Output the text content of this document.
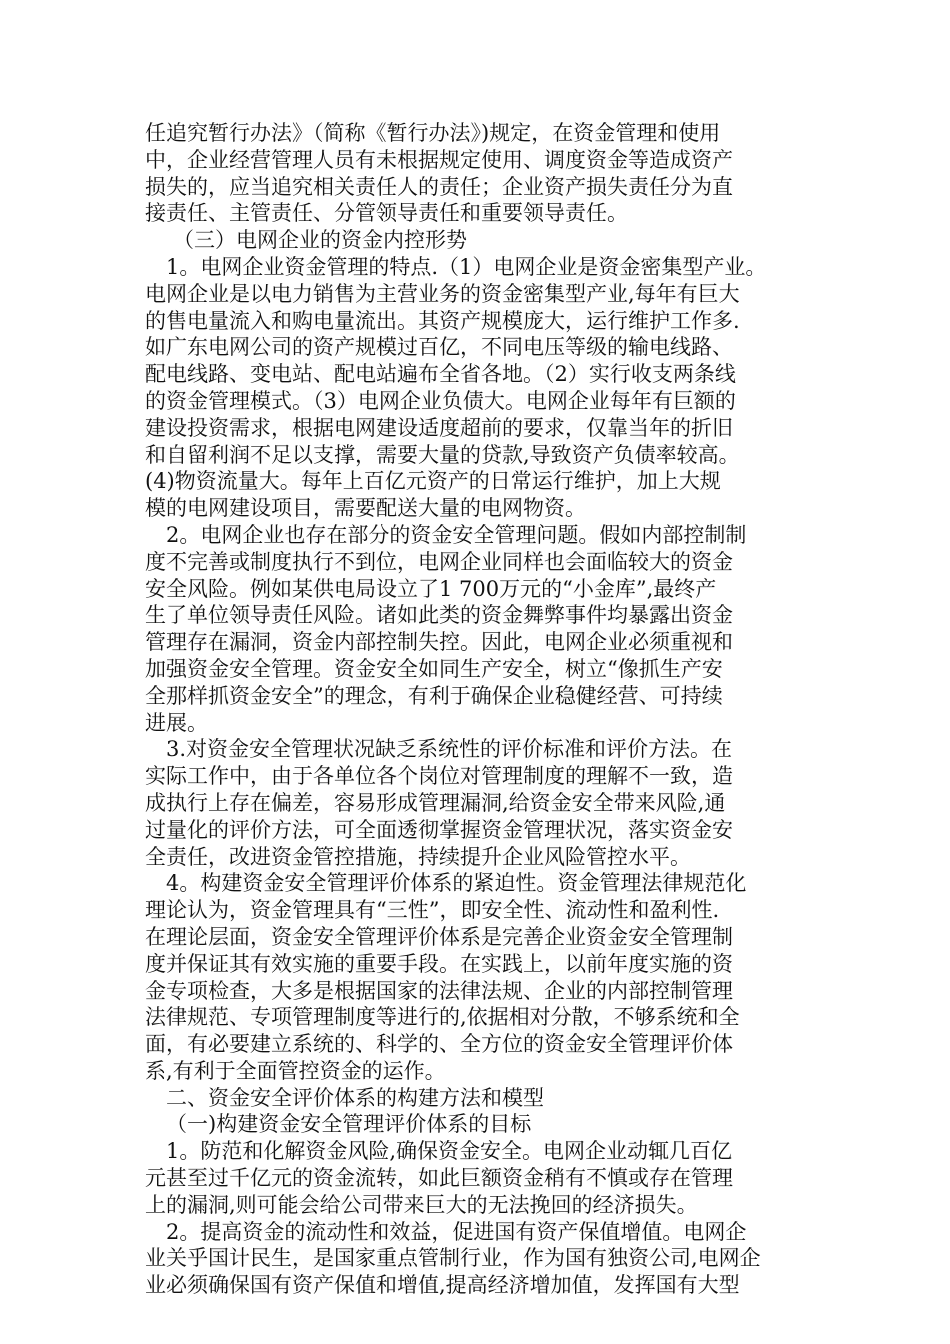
任追究暂行办法》（简称《暂行办法》)规定，在资金管理和使用
中，企业经营管理人员有未根据规定使用、调度资金等造成资产
损失的，应当追究相关责任人的责任；企业资产损失责任分为直
接责任、主管责任、分管领导责任和重要领导责任。
（三）电网企业的资金内控形势
1。电网企业资金管理的特点.（1）电网企业是资金密集型产业。
电网企业是以电力销售为主营业务的资金密集型产业,每年有巨大
的售电量流入和购电量流出。其资产规模庞大，运行维护工作多.
如广东电网公司的资产规模过百亿，不同电压等级的输电线路、
配电线路、变电站、配电站遍布全省各地。（2）实行收支两条线
的资金管理模式。（3）电网企业负债大。电网企业每年有巨额的
建设投资需求，根据电网建设适度超前的要求，仅靠当年的折旧
和自留利润不足以支撑，需要大量的贷款,导致资产负债率较高。
(4)物资流量大。每年上百亿元资产的日常运行维护，加上大规
模的电网建设项目，需要配送大量的电网物资。
2。电网企业也存在部分的资金安全管理问题。假如内部控制制
度不完善或制度执行不到位，电网企业同样也会面临较大的资金
安全风险。例如某供电局设立了1 700万元的“小金库”,最终产
生了单位领导责任风险。诸如此类的资金舞弊事件均暴露出资金
管理存在漏洞，资金内部控制失控。因此，电网企业必须重视和
加强资金安全管理。资金安全如同生产安全，树立“像抓生产安
全那样抓资金安全”的理念，有利于确保企业稳健经营、可持续
进展。
3.对资金安全管理状况缺乏系统性的评价标准和评价方法。在
实际工作中，由于各单位各个岗位对管理制度的理解不一致，造
成执行上存在偏差，容易形成管理漏洞,给资金安全带来风险,通
过量化的评价方法，可全面透彻掌握资金管理状况，落实资金安
全责任，改进资金管控措施，持续提升企业风险管控水平。
4。构建资金安全管理评价体系的紧迫性。资金管理法律规范化
理论认为，资金管理具有“三性”，即安全性、流动性和盈利性.
在理论层面，资金安全管理评价体系是完善企业资金安全管理制
度并保证其有效实施的重要手段。在实践上，以前年度实施的资
金专项检查，大多是根据国家的法律法规、企业的内部控制管理
法律规范、专项管理制度等进行的,依据相对分散，不够系统和全
面，有必要建立系统的、科学的、全方位的资金安全管理评价体
系,有利于全面管控资金的运作。
二、资金安全评价体系的构建方法和模型
（一)构建资金安全管理评价体系的目标
1。防范和化解资金风险,确保资金安全。电网企业动辄几百亿
元甚至过千亿元的资金流转，如此巨额资金稍有不慎或存在管理
上的漏洞,则可能会给公司带来巨大的无法挽回的经济损失。
2。提高资金的流动性和效益，促进国有资产保值增值。电网企
业关乎国计民生，是国家重点管制行业，作为国有独资公司,电网企
业必须确保国有资产保值和增值,提高经济增加值，发挥国有大型
